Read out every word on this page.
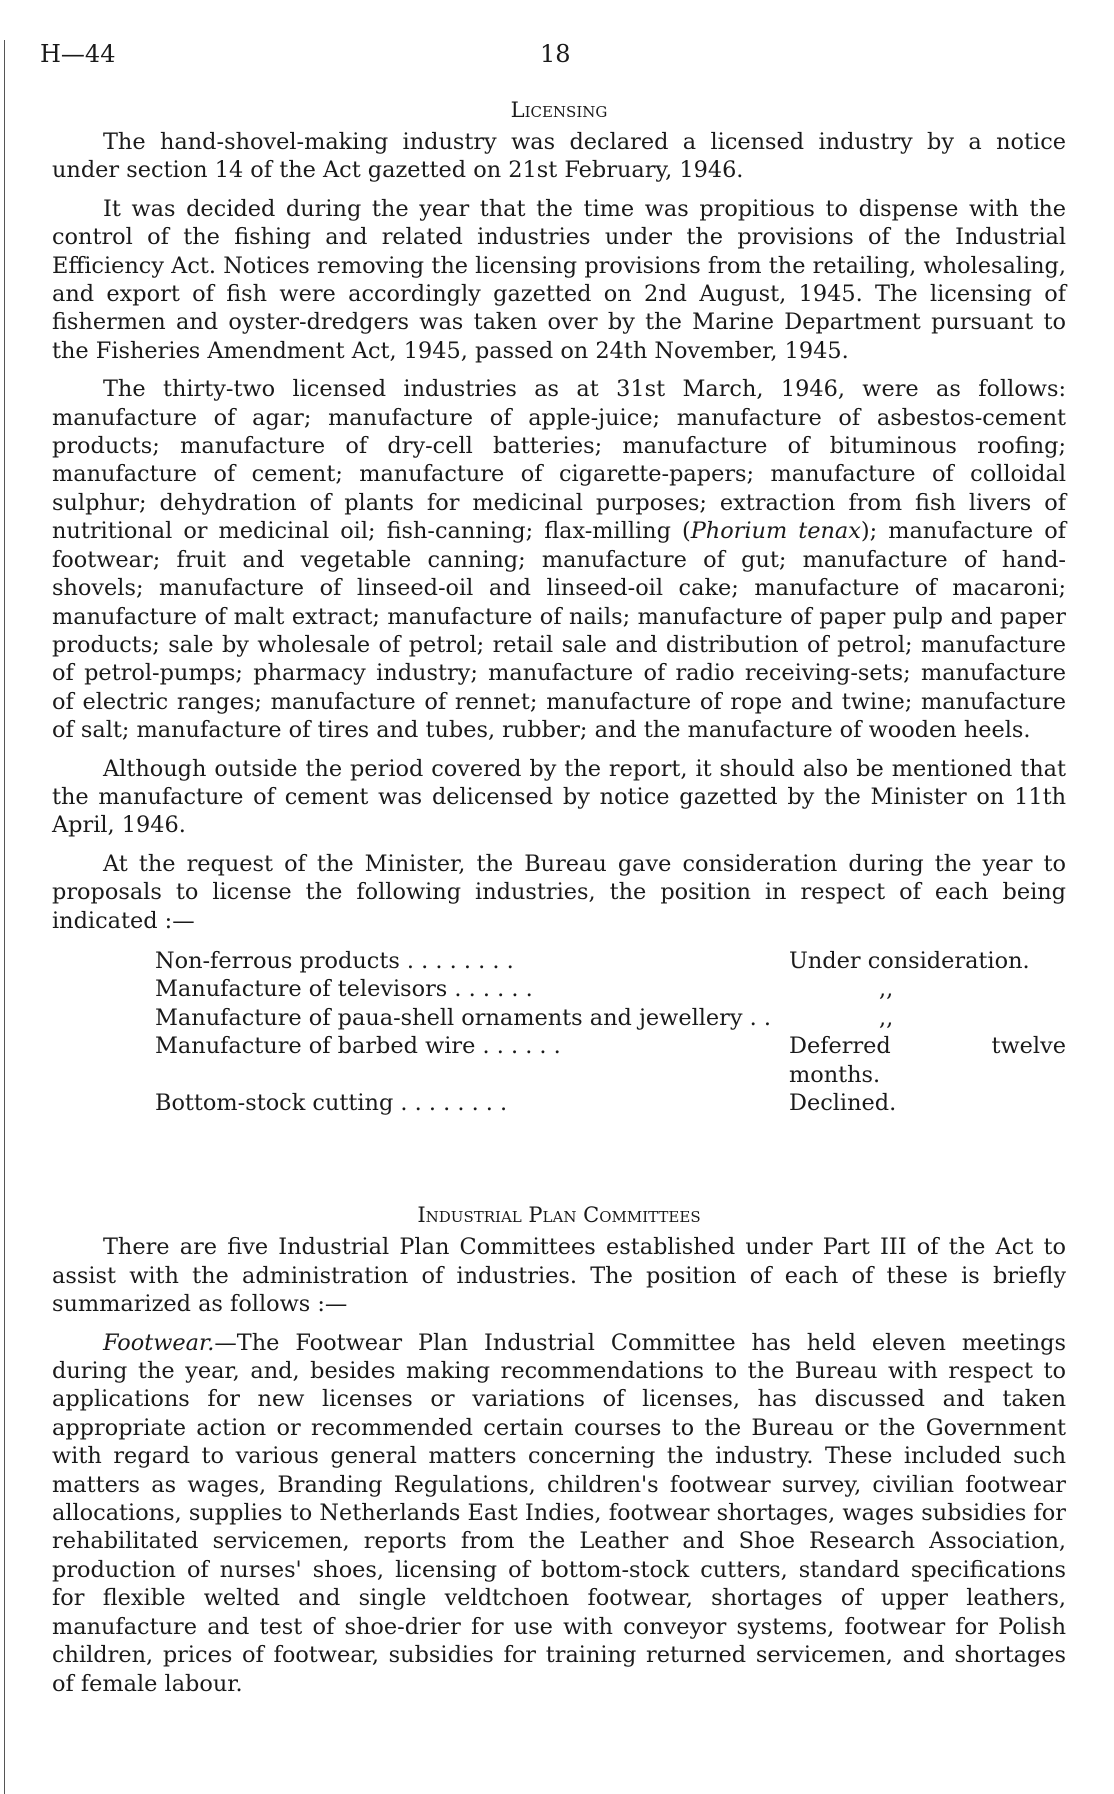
H—44	18
Licensing

The hand-shovel-making industry was declared a licensed industry by a notice under section 14 of the Act gazetted on 21st February, 1946.

It was decided during the year that the time was propitious to dispense with the control of the fishing and related industries under the provisions of the Industrial Efficiency Act. Notices removing the licensing provisions from the retailing, wholesaling, and export of fish were accordingly gazetted on 2nd August, 1945. The licensing of fishermen and oyster-dredgers was taken over by the Marine Department pursuant to the Fisheries Amendment Act, 1945, passed on 24th November, 1945.

The thirty-two licensed industries as at 31st March, 1946, were as follows: manufacture of agar; manufacture of apple-juice; manufacture of asbestos-cement products; manufacture of dry-cell batteries; manufacture of bituminous roofing; manufacture of cement; manufacture of cigarette-papers; manufacture of colloidal sulphur; dehydration of plants for medicinal purposes; extraction from fish livers of nutritional or medicinal oil; fish-canning; flax-milling (Phorium tenax); manufacture of footwear; fruit and vegetable canning; manufacture of gut; manufacture of hand-shovels; manufacture of linseed-oil and linseed-oil cake; manufacture of macaroni; manufacture of malt extract; manufacture of nails; manufacture of paper pulp and paper products; sale by wholesale of petrol; retail sale and distribution of petrol; manufacture of petrol-pumps; pharmacy industry; manufacture of radio receiving-sets; manufacture of electric ranges; manufacture of rennet; manufacture of rope and twine; manufacture of salt; manufacture of tires and tubes, rubber; and the manufacture of wooden heels.

Although outside the period covered by the report, it should also be mentioned that the manufacture of cement was delicensed by notice gazetted by the Minister on 11th April, 1946.

At the request of the Minister, the Bureau gave consideration during the year to proposals to license the following industries, the position in respect of each being indicated :—

Non-ferrous products . . . . . . . .	Under consideration.
Manufacture of televisors . . . . . .	,,
Manufacture of paua-shell ornaments and jewellery . .	,,
Manufacture of barbed wire . . . . . .	Deferred twelve months.
Bottom-stock cutting . . . . . . . .	Declined.
Industrial Plan Committees

There are five Industrial Plan Committees established under Part III of the Act to assist with the administration of industries. The position of each of these is briefly summarized as follows :—

Footwear.—The Footwear Plan Industrial Committee has held eleven meetings during the year, and, besides making recommendations to the Bureau with respect to applications for new licenses or variations of licenses, has discussed and taken appropriate action or recommended certain courses to the Bureau or the Government with regard to various general matters concerning the industry. These included such matters as wages, Branding Regulations, children's footwear survey, civilian footwear allocations, supplies to Netherlands East Indies, footwear shortages, wages subsidies for rehabilitated servicemen, reports from the Leather and Shoe Research Association, production of nurses' shoes, licensing of bottom-stock cutters, standard specifications for flexible welted and single veldtchoen footwear, shortages of upper leathers, manufacture and test of shoe-drier for use with conveyor systems, footwear for Polish children, prices of footwear, subsidies for training returned servicemen, and shortages of female labour.
